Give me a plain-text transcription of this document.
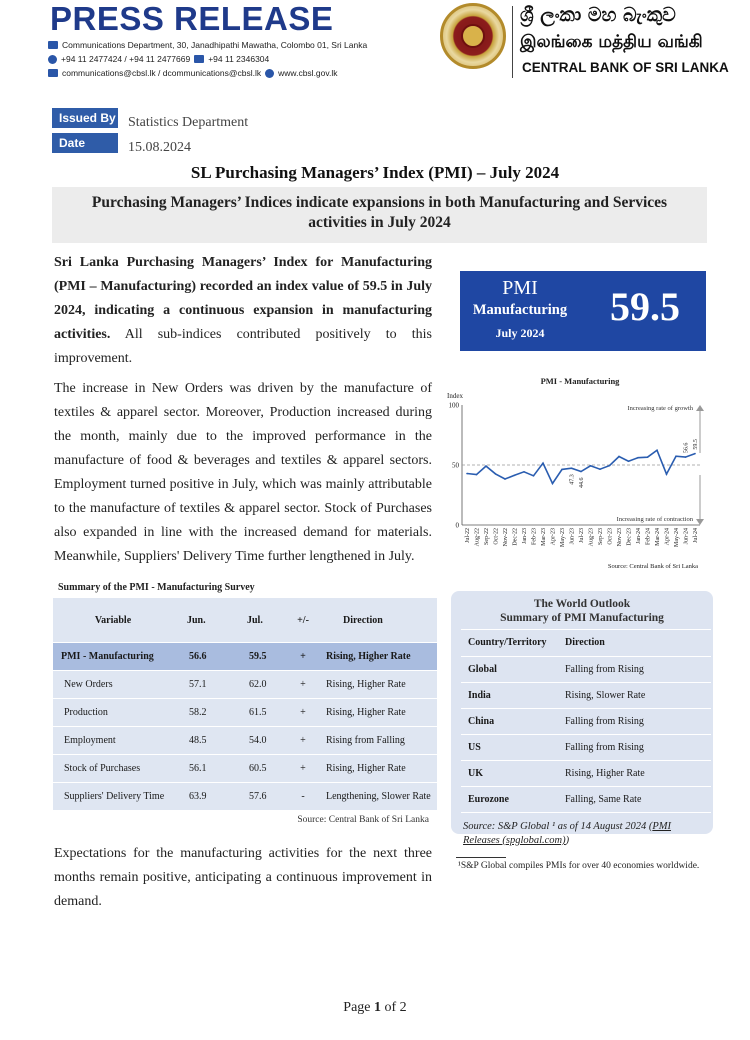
PRESS RELEASE
Communications Department, 30, Janadhipathi Mawatha, Colombo 01, Sri Lanka
+94 11 2477424 / +94 11 2477669 +94 11 2346304
communications@cbsl.lk / dcommunications@cbsl.lk www.cbsl.gov.lk
ශ්‍රී ලංකා මහ බැංකුව
இலங்கை மத்திய வங்கி
CENTRAL BANK OF SRI LANKA
Issued By Statistics Department
Date	15.08.2024
SL Purchasing Managers’ Index (PMI) – July 2024
Purchasing Managers’ Indices indicate expansions in both Manufacturing and Services
activities in July 2024
Sri Lanka Purchasing Managers’ Index for Manufacturing (PMI – Manufacturing) recorded an index value of 59.5 in July 2024, indicating a continuous expansion in manufacturing activities. All sub-indices contributed positively to this improvement.
The increase in New Orders was driven by the manufacture of textiles & apparel sector. Moreover, Production increased during the month, mainly due to the improved performance in the manufacture of food & beverages and textiles & apparel sectors. Employment turned positive in July, which was mainly attributable to the manufacture of textiles & apparel sector. Stock of Purchases also expanded in line with the increased demand for materials. Meanwhile, Suppliers' Delivery Time further lengthened in July.
Expectations for the manufacturing activities for the next three months remain positive, anticipating a continuous improvement in demand.
PMI
Manufacturing
July 2024
59.5
PMI - Manufacturing
Index
0
50
100	Increasing rate of growth
Increasing rate of contraction
Jul-22 Aug-22 Sep-22 Oct-22 Nov-22 Dec-22 Jan-23 Feb-23 Mar-23 Apr-23 May-23 Jun-23 Jul-23 Aug-23 Sep-23 Oct-23 Nov-23 Dec-23 Jan-24 Feb-24 Mar-24 Apr-24 May-24 Jun-24 Jul-24
47.3 44.6
56.6 59.5
Source: Central Bank of Sri Lanka
Summary of the PMI - Manufacturing Survey
Variable	Jun.	Jul.	+/-	Direction
PMI - Manufacturing	56.6	59.5	+	Rising, Higher Rate
New Orders	57.1	62.0	+	Rising, Higher Rate
Production	58.2	61.5	+	Rising, Higher Rate
Employment	48.5	54.0	+	Rising from Falling
Stock of Purchases	56.1	60.5	+	Rising, Higher Rate
Suppliers' Delivery Time	63.9	57.6	-	Lengthening, Slower Rate
Source: Central Bank of Sri Lanka
The World Outlook
Summary of PMI Manufacturing
Country/Territory Direction
Global	Falling from Rising
India	Rising, Slower Rate
China	Falling from Rising
US	Falling from Rising
UK	Rising, Higher Rate
Eurozone	Falling, Same Rate
Source: S&P Global ¹ as of 14 August 2024 (PMI Releases (spglobal.com))
¹S&P Global compiles PMIs for over 40 economies worldwide.
Page 1 of 2
